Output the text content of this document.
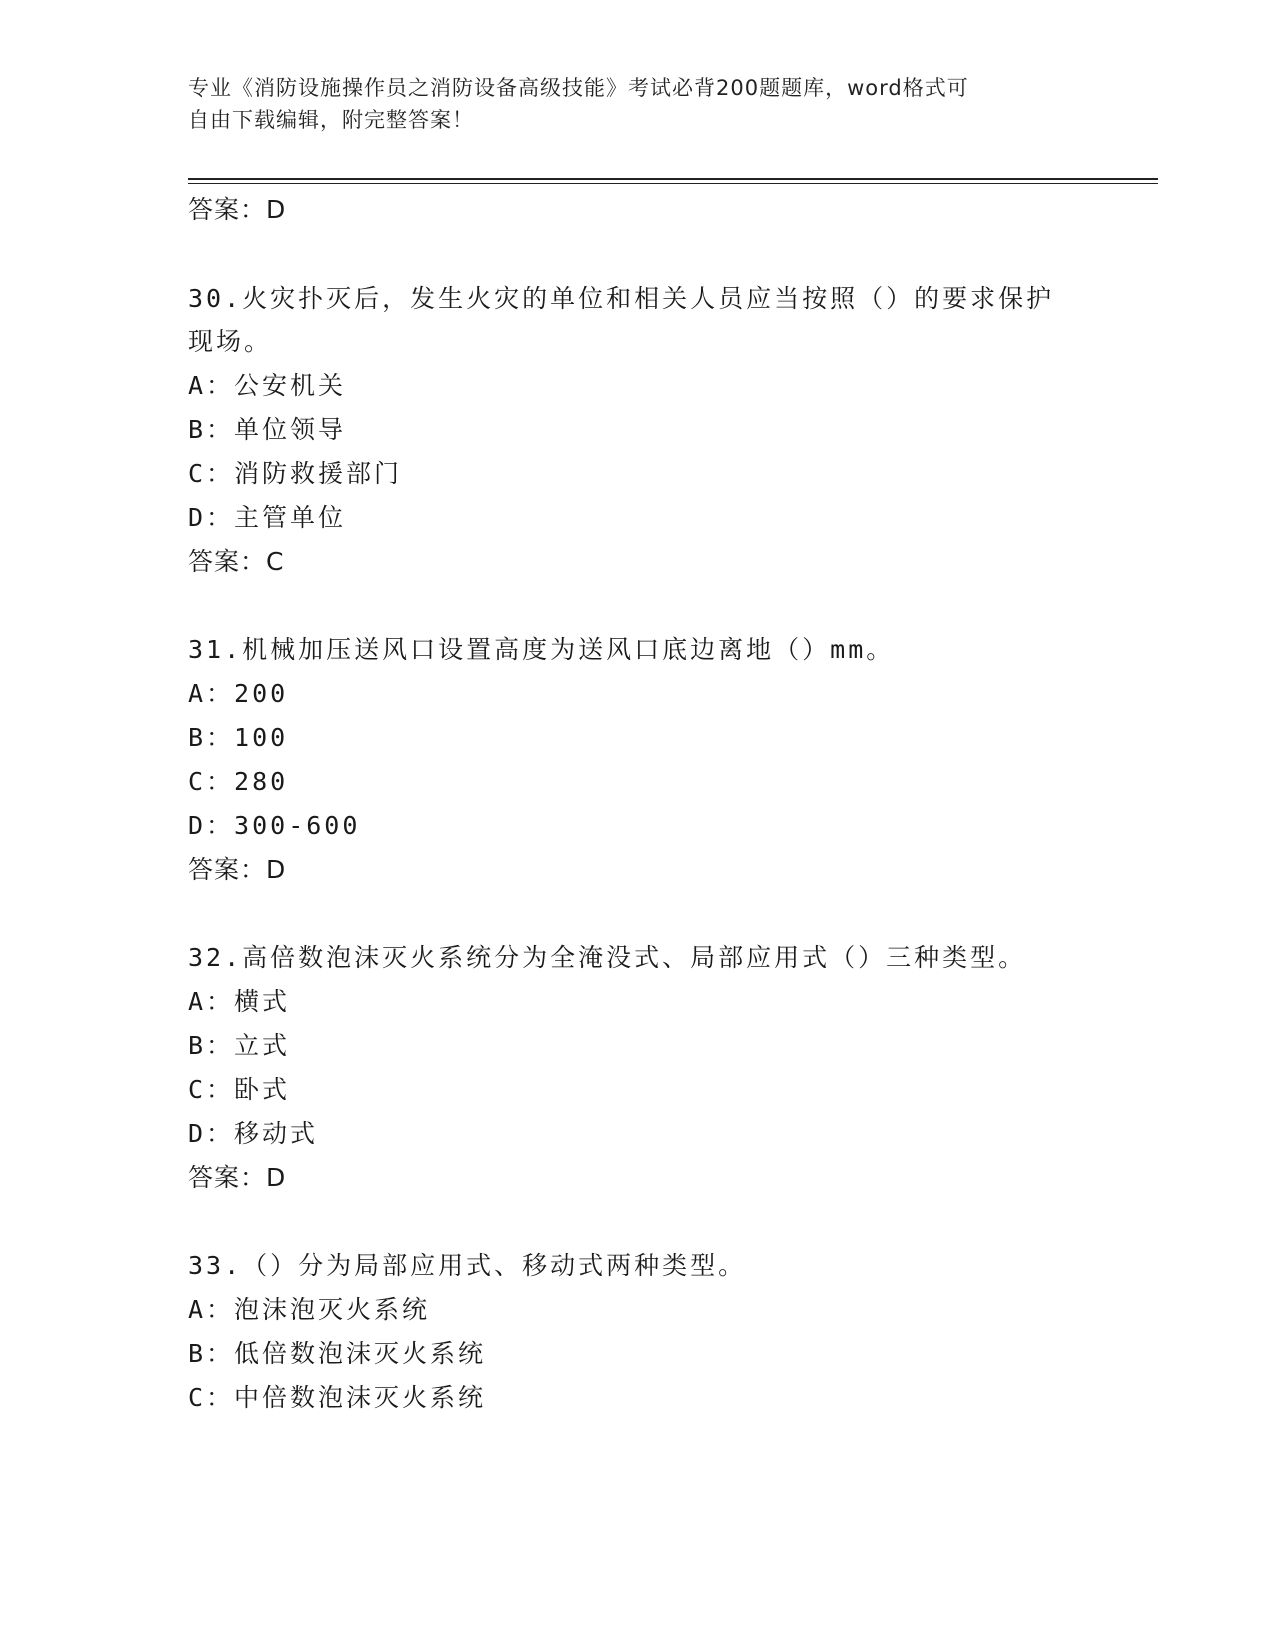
专业《消防设施操作员之消防设备高级技能》考试必背200题题库，word格式可
自由下载编辑，附完整答案！
答案：D
30.火灾扑灭后，发生火灾的单位和相关人员应当按照（）的要求保护
现场。
A：公安机关
B：单位领导
C：消防救援部门
D：主管单位
答案：C
31.机械加压送风口设置高度为送风口底边离地（）mm。
A：200
B：100
C：280
D：300-600
答案：D
32.高倍数泡沫灭火系统分为全淹没式、局部应用式（）三种类型。
A：横式
B：立式
C：卧式
D：移动式
答案：D
33.（）分为局部应用式、移动式两种类型。
A：泡沫泡灭火系统
B：低倍数泡沫灭火系统
C：中倍数泡沫灭火系统
